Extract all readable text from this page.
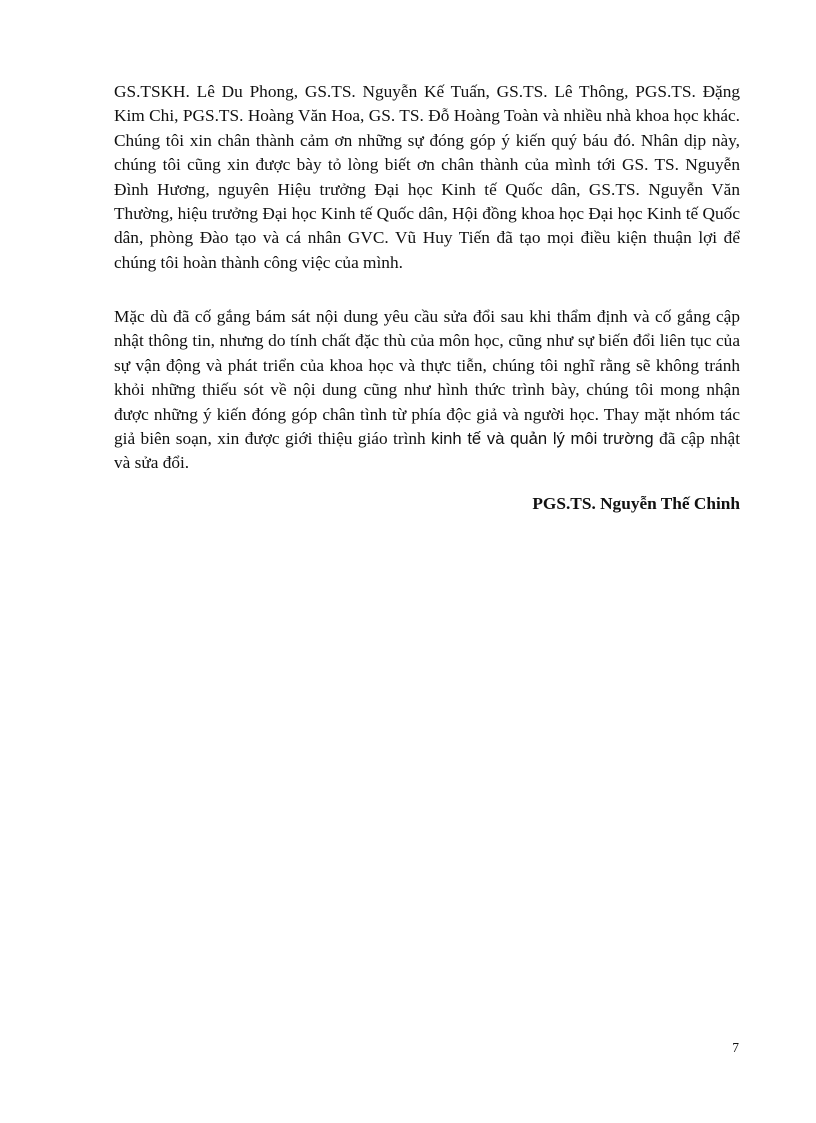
GS.TSKH. Lê Du Phong, GS.TS. Nguyễn Kế Tuấn, GS.TS. Lê Thông, PGS.TS. Đặng Kim Chi, PGS.TS. Hoàng Văn Hoa, GS. TS. Đỗ Hoàng Toàn và nhiều nhà khoa học khác. Chúng tôi xin chân thành cảm ơn những sự đóng góp ý kiến quý báu đó. Nhân dịp này, chúng tôi cũng xin được bày tỏ lòng biết ơn chân thành của mình tới GS. TS. Nguyễn Đình Hương, nguyên Hiệu trưởng Đại học Kinh tế Quốc dân, GS.TS. Nguyễn Văn Thường, hiệu trưởng Đại học Kinh tế Quốc dân, Hội đồng khoa học Đại học Kinh tế Quốc dân, phòng Đào tạo và cá nhân GVC. Vũ Huy Tiến đã tạo mọi điều kiện thuận lợi để chúng tôi hoàn thành công việc của mình.

Mặc dù đã cố gắng bám sát nội dung yêu cầu sửa đổi sau khi thẩm định và cố gắng cập nhật thông tin, nhưng do tính chất đặc thù của môn học, cũng như sự biến đổi liên tục của sự vận động và phát triển của khoa học và thực tiễn, chúng tôi nghĩ rằng sẽ không tránh khỏi những thiếu sót về nội dung cũng như hình thức trình bày, chúng tôi mong nhận được những ý kiến đóng góp chân tình từ phía độc giả và người học. Thay mặt nhóm tác giả biên soạn, xin được giới thiệu giáo trình kinh tế và quản lý môi trường đã cập nhật và sửa đổi.

PGS.TS. Nguyễn Thế Chinh
7
